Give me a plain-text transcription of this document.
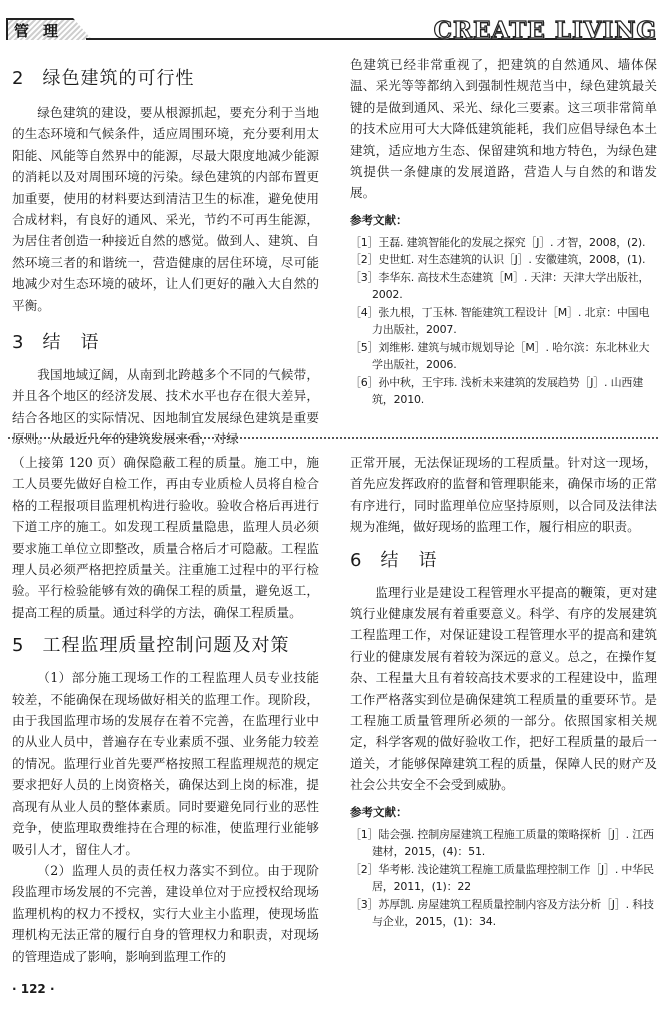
管理	CREATE LIVING
2 绿色建筑的可行性

绿色建筑的建设，要从根源抓起，要充分利于当地的生态环境和气候条件，适应周围环境，充分要利用太阳能、风能等自然界中的能源，尽最大限度地减少能源的消耗以及对周围环境的污染。绿色建筑的内部布置更加重要，使用的材料要达到清洁卫生的标准，避免使用合成材料，有良好的通风、采光，节约不可再生能源，为居住者创造一种接近自然的感觉。做到人、建筑、自然环境三者的和谐统一，营造健康的居住环境，尽可能地减少对生态环境的破坏，让人们更好的融入大自然的平衡。

3 结　语

我国地域辽阔，从南到北跨越多个不同的气候带，并且各个地区的经济发展、技术水平也存在很大差异，结合各地区的实际情况、因地制宜发展绿色建筑是重要原则。从最近几年的建筑发展来看，对绿

色建筑已经非常重视了，把建筑的自然通风、墙体保温、采光等等都纳入到强制性规范当中，绿色建筑最关键的是做到通风、采光、绿化三要素。这三项非常简单的技术应用可大大降低建筑能耗，我们应倡导绿色本土建筑，适应地方生态、保留建筑和地方特色，为绿色建筑提供一条健康的发展道路，营造人与自然的和谐发展。

参考文献：
［1］王磊. 建筑智能化的发展之探究［J］. 才智，2008，(2).
［2］史世虹. 对生态建筑的认识［J］. 安徽建筑，2008，(1).
［3］李华东. 高技术生态建筑［M］. 天津：天津大学出版社，2002.
［4］张九根，丁玉林. 智能建筑工程设计［M］. 北京：中国电力出版社，2007.
［5］刘维彬. 建筑与城市规划导论［M］. 哈尔滨：东北林业大学出版社，2006.
［6］孙中秋，王宇玮. 浅析未来建筑的发展趋势［J］. 山西建筑，2010.

（上接第 120 页）确保隐蔽工程的质量。施工中，施工人员要先做好自检工作，再由专业质检人员将自检合格的工程报项目监理机构进行验收。验收合格后再进行下道工序的施工。如发现工程质量隐患，监理人员必须要求施工单位立即整改，质量合格后才可隐蔽。工程监理人员必须严格把控质量关。注重施工过程中的平行检验。平行检验能够有效的确保工程的质量，避免返工，提高工程的质量。通过科学的方法，确保工程质量。

5 工程监理质量控制问题及对策

（1）部分施工现场工作的工程监理人员专业技能较差，不能确保在现场做好相关的监理工作。现阶段，由于我国监理市场的发展存在着不完善，在监理行业中的从业人员中，普遍存在专业素质不强、业务能力较差的情况。监理行业首先要严格按照工程监理规范的规定要求把好人员的上岗资格关，确保达到上岗的标准，提高现有从业人员的整体素质。同时要避免同行业的恶性竞争，使监理取费维持在合理的标准，使监理行业能够吸引人才，留住人才。

（2）监理人员的责任权力落实不到位。由于现阶段监理市场发展的不完善，建设单位对于应授权给现场监理机构的权力不授权，实行大业主小监理，使现场监理机构无法正常的履行自身的管理权力和职责，对现场的管理造成了影响，影响到监理工作的

正常开展，无法保证现场的工程质量。针对这一现场，首先应发挥政府的监督和管理职能来，确保市场的正常有序进行，同时监理单位应坚持原则，以合同及法律法规为准绳，做好现场的监理工作，履行相应的职责。

6 结　语

监理行业是建设工程管理水平提高的鞭策，更对建筑行业健康发展有着重要意义。科学、有序的发展建筑工程监理工作，对保证建设工程管理水平的提高和建筑行业的健康发展有着较为深远的意义。总之，在操作复杂、工程量大且有着较高技术要求的工程建设中，监理工作严格落实到位是确保建筑工程质量的重要环节。是工程施工质量管理所必须的一部分。依照国家相关规定，科学客观的做好验收工作，把好工程质量的最后一道关，才能够保障建筑工程的质量，保障人民的财产及社会公共安全不会受到威胁。

参考文献：
［1］陆会强. 控制房屋建筑工程施工质量的策略探析［J］. 江西建材，2015，(4)：51.
［2］华考彬. 浅论建筑工程施工质量监理控制工作［J］. 中华民居，2011，(1)：22
［3］苏厚凯. 房屋建筑工程质量控制内容及方法分析［J］. 科技与企业，2015，(1)：34.
· 122 ·
